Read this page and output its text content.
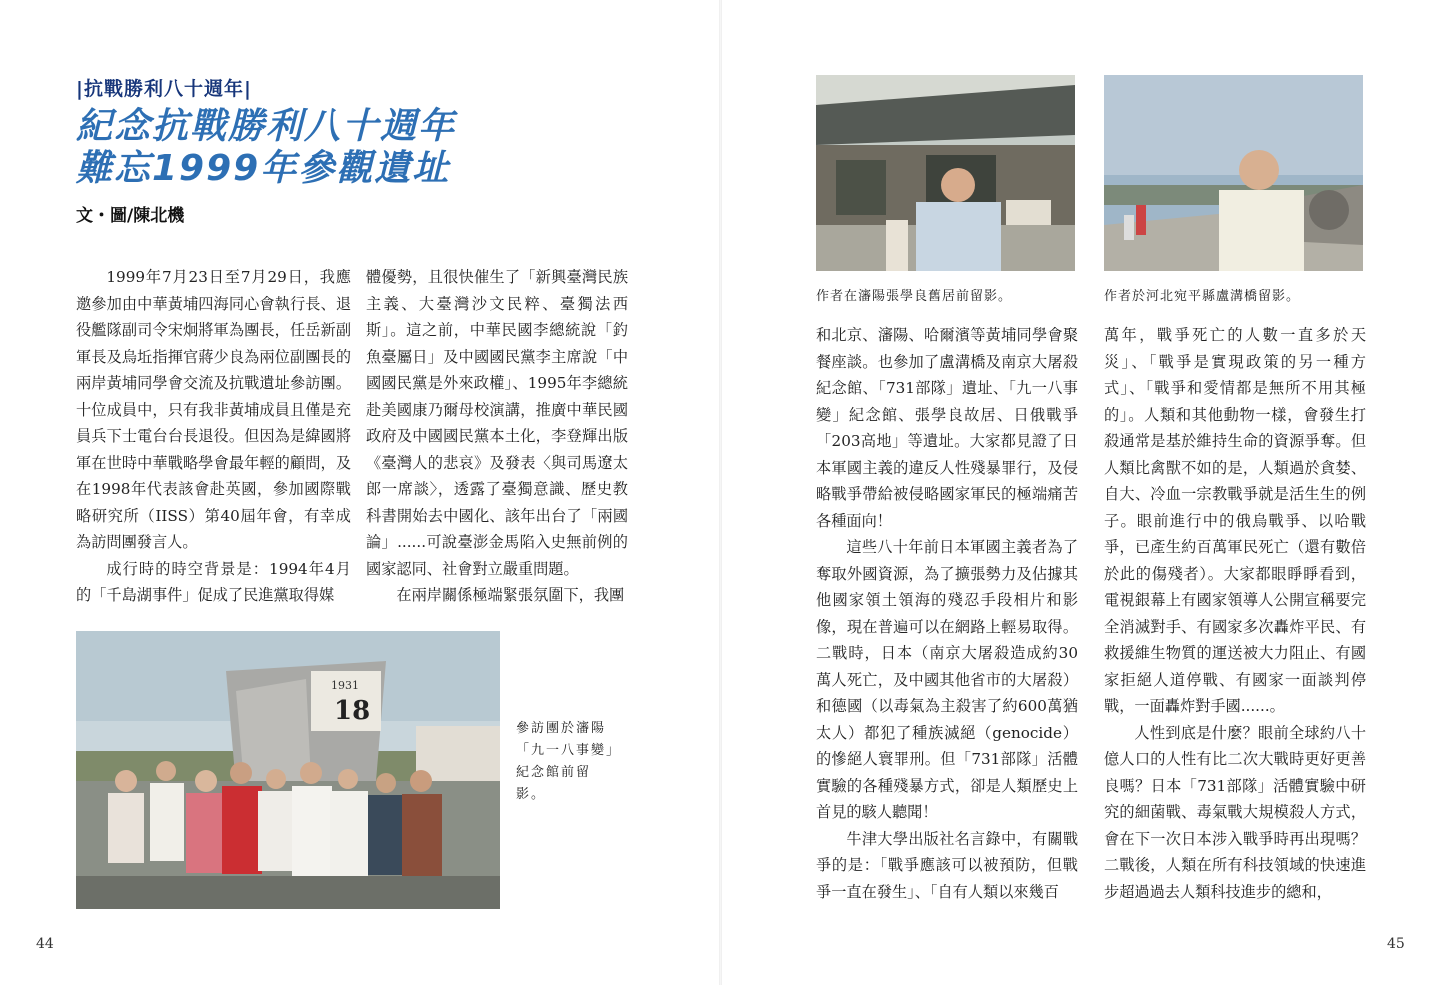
|抗戰勝利八十週年|
紀念抗戰勝利八十週年
難忘1999年參觀遺址
文・圖/陳北機

1999年7月23日至7月29日，我應邀參加由中華黃埔四海同心會執行長、退役艦隊副司令宋炯將軍為團長，任岳新副軍長及烏坵指揮官蔣少良為兩位副團長的兩岸黃埔同學會交流及抗戰遺址參訪團。十位成員中，只有我非黃埔成員且僅是充員兵下士電台台長退役。但因為是緯國將軍在世時中華戰略學會最年輕的顧問，及在1998年代表該會赴英國，參加國際戰略研究所（IISS）第40屆年會，有幸成為訪問團發言人。

成行時的時空背景是：1994年4月的「千島湖事件」促成了民進黨取得媒

體優勢，且很快催生了「新興臺灣民族主義、大臺灣沙文民粹、臺獨法西斯」。這之前，中華民國李總統說「釣魚臺屬日」及中國國民黨李主席說「中國國民黨是外來政權」、1995年李總統赴美國康乃爾母校演講，推廣中華民國政府及中國國民黨本土化，李登輝出版《臺灣人的悲哀》及發表〈與司馬遼太郎一席談〉，透露了臺獨意識、歷史教科書開始去中國化、該年出台了「兩國論」......可說臺澎金馬陷入史無前例的國家認同、社會對立嚴重問題。

在兩岸關係極端緊張氛圍下，我團

1931
18
參訪團於瀋陽「九一八事變」紀念館前留影。
作者在瀋陽張學良舊居前留影。	作者於河北宛平縣盧溝橋留影。

和北京、瀋陽、哈爾濱等黃埔同學會聚餐座談。也參加了盧溝橋及南京大屠殺紀念館、「731部隊」遺址、「九一八事變」紀念館、張學良故居、日俄戰爭「203高地」等遺址。大家都見證了日本軍國主義的違反人性殘暴罪行，及侵略戰爭帶給被侵略國家軍民的極端痛苦各種面向！

這些八十年前日本軍國主義者為了奪取外國資源，為了擴張勢力及佔據其他國家領土領海的殘忍手段相片和影像，現在普遍可以在網路上輕易取得。二戰時，日本（南京大屠殺造成約30萬人死亡，及中國其他省市的大屠殺）和德國（以毒氣為主殺害了約600萬猶太人）都犯了種族滅絕（genocide）的慘絕人寰罪刑。但「731部隊」活體實驗的各種殘暴方式，卻是人類歷史上首見的駭人聽聞！

牛津大學出版社名言錄中，有關戰爭的是：「戰爭應該可以被預防，但戰爭一直在發生」、「自有人類以來幾百

萬年，戰爭死亡的人數一直多於天災」、「戰爭是實現政策的另一種方式」、「戰爭和愛情都是無所不用其極的」。人類和其他動物一樣，會發生打殺通常是基於維持生命的資源爭奪。但人類比禽獸不如的是，人類過於貪婪、自大、冷血一宗教戰爭就是活生生的例子。眼前進行中的俄烏戰爭、以哈戰爭，已產生約百萬軍民死亡（還有數倍於此的傷殘者）。大家都眼睜睜看到，電視銀幕上有國家領導人公開宣稱要完全消滅對手、有國家多次轟炸平民、有救援維生物質的運送被大力阻止、有國家拒絕人道停戰、有國家一面談判停戰，一面轟炸對手國......。

人性到底是什麼？眼前全球約八十億人口的人性有比二次大戰時更好更善良嗎？日本「731部隊」活體實驗中研究的細菌戰、毒氣戰大規模殺人方式，會在下一次日本涉入戰爭時再出現嗎？二戰後，人類在所有科技領域的快速進步超過過去人類科技進步的總和，

44	45
